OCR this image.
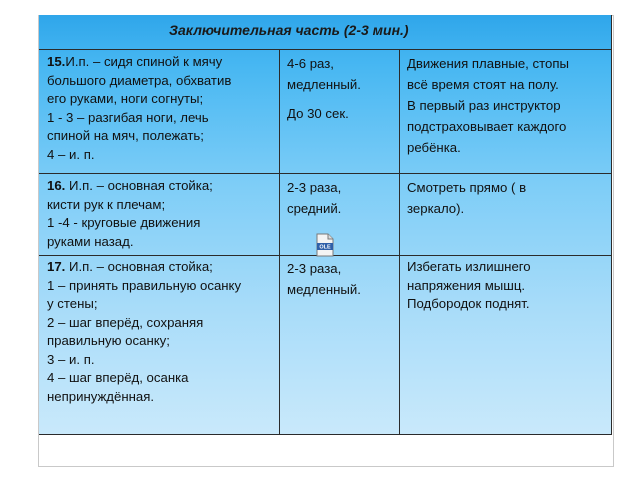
Заключительная часть (2-3 мин.)
15.И.п. – сидя спиной к мячу
большого диаметра, обхватив
его руками, ноги согнуты;
1 - 3 – разгибая ноги, лечь
спиной на мяч, полежать;
4 – и. п.
4-6 раз,
медленный.
До 30 сек.
Движения плавные, стопы
всё время стоят на полу.
В первый раз инструктор
подстраховывает каждого
ребёнка.
16. И.п. – основная стойка;
кисти рук к плечам;
1 -4 - круговые движения
руками назад.
2-3 раза,
средний.
Смотреть прямо ( в
зеркало).
OLE
17. И.п. – основная стойка;
1 – принять правильную осанку
у стены;
2 – шаг вперёд, сохраняя
правильную осанку;
3 – и. п.
4 – шаг вперёд, осанка
непринуждённая.
2-3 раза,
медленный.
Избегать излишнего
напряжения мышц.
Подбородок поднят.
